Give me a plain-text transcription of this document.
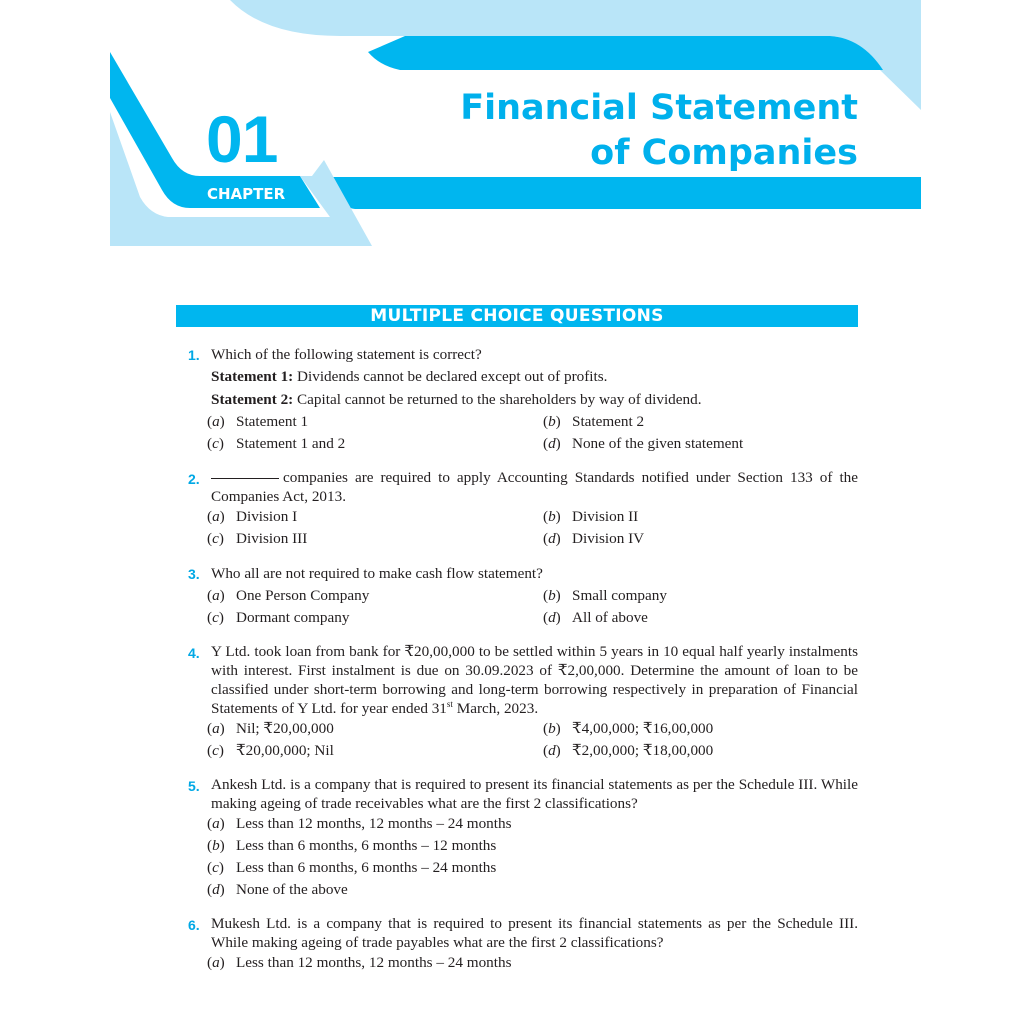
01
CHAPTER
Financial Statement
of Companies
MULTIPLE CHOICE QUESTIONS
1. Which of the following statement is correct?
Statement 1: Dividends cannot be declared except out of profits.
Statement 2: Capital cannot be returned to the shareholders by way of dividend.
(a) Statement 1	(b) Statement 2
(c) Statement 1 and 2	(d) None of the given statement
2.	companies are required to apply Accounting Standards notified under Section 133 of the Companies Act, 2013.
(a) Division I	(b) Division II
(c) Division III	(d) Division IV
3. Who all are not required to make cash flow statement?
(a) One Person Company	(b) Small company
(c) Dormant company	(d) All of above
4. Y Ltd. took loan from bank for ₹20,00,000 to be settled within 5 years in 10 equal half yearly instalments with interest. First instalment is due on 30.09.2023 of ₹2,00,000. Determine the amount of loan to be classified under short-term borrowing and long-term borrowing respectively in preparation of Financial Statements of Y Ltd. for year ended 31st March, 2023.
(a) Nil; ₹20,00,000	(b) ₹4,00,000; ₹16,00,000
(c) ₹20,00,000; Nil	(d) ₹2,00,000; ₹18,00,000
5. Ankesh Ltd. is a company that is required to present its financial statements as per the Schedule III. While making ageing of trade receivables what are the first 2 classifications?
(a) Less than 12 months, 12 months – 24 months
(b) Less than 6 months, 6 months – 12 months
(c) Less than 6 months, 6 months – 24 months
(d) None of the above
6. Mukesh Ltd. is a company that is required to present its financial statements as per the Schedule III. While making ageing of trade payables what are the first 2 classifications?
(a) Less than 12 months, 12 months – 24 months
